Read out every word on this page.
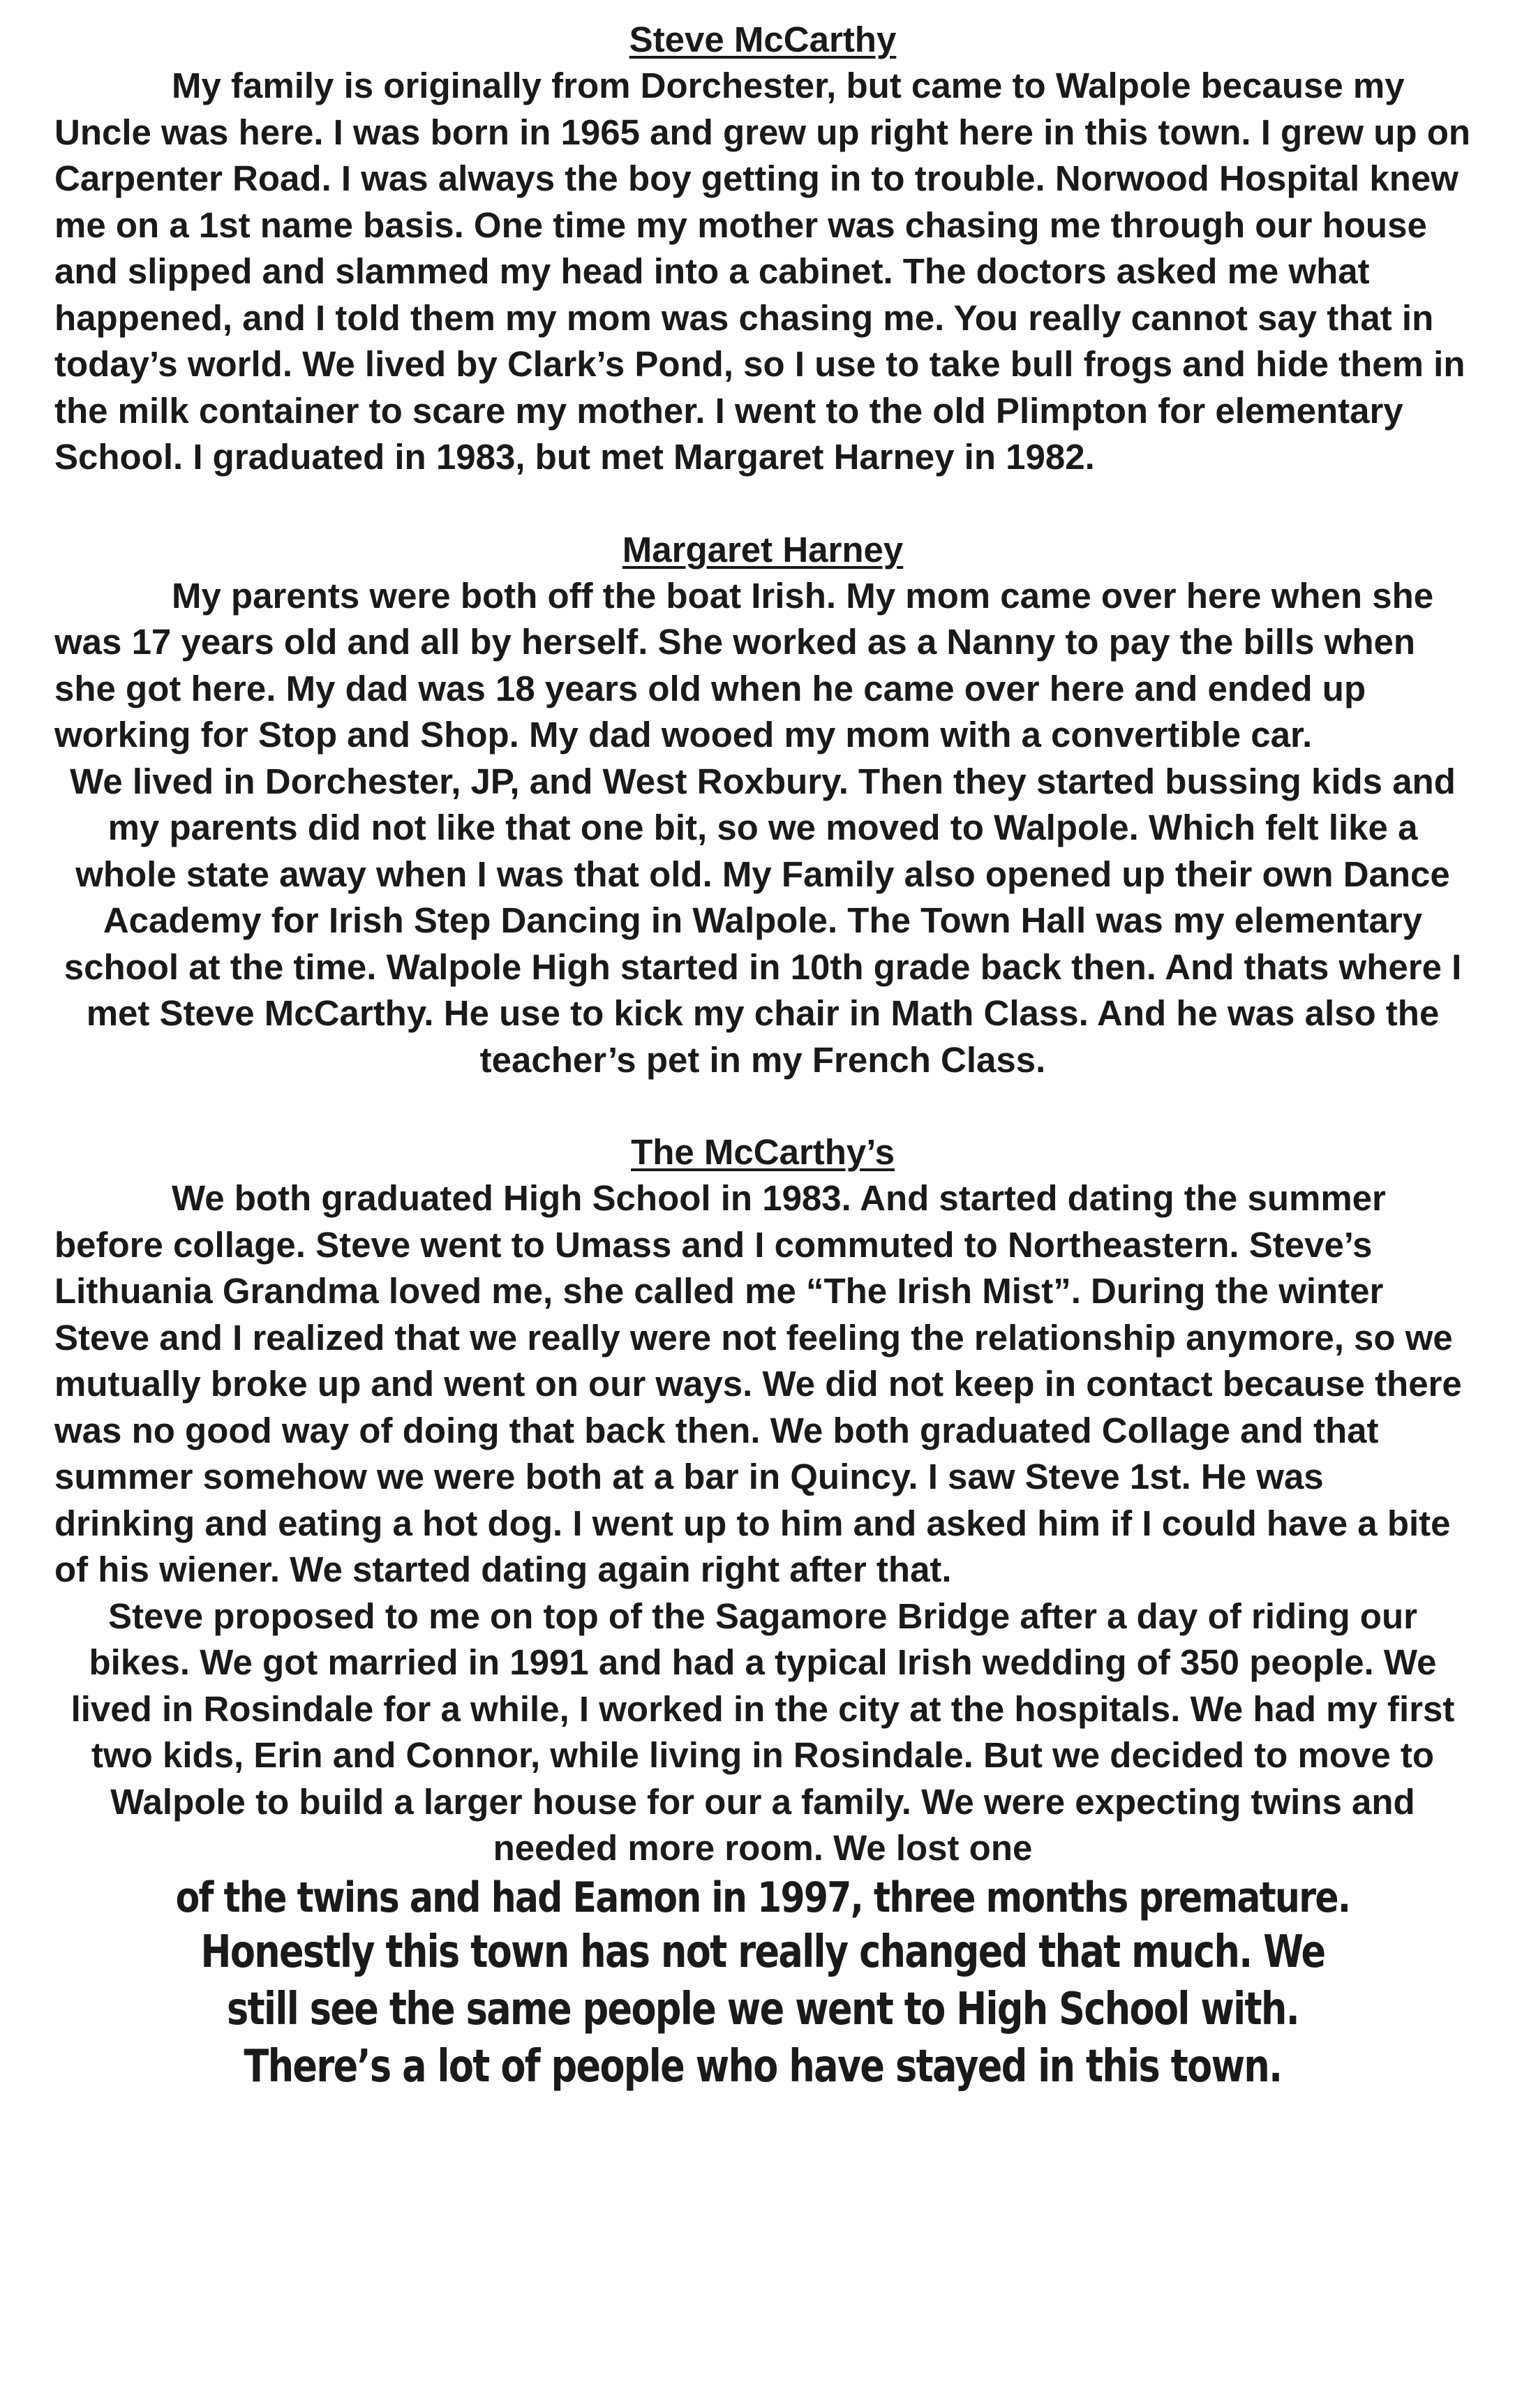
Steve McCarthy

My family is originally from Dorchester, but came to Walpole because my Uncle was here. I was born in 1965 and grew up right here in this town. I grew up on Carpenter Road. I was always the boy getting in to trouble. Norwood Hospital knew me on a 1st name basis. One time my mother was chasing me through our house and slipped and slammed my head into a cabinet. The doctors asked me what happened, and I told them my mom was chasing me. You really cannot say that in today’s world. We lived by Clark’s Pond, so I use to take bull frogs and hide them in the milk container to scare my mother. I went to the old Plimpton for elementary School. I graduated in 1983, but met Margaret Harney in 1982.

Margaret Harney

My parents were both off the boat Irish. My mom came over here when she was 17 years old and all by herself. She worked as a Nanny to pay the bills when she got here. My dad was 18 years old when he came over here and ended up working for Stop and Shop. My dad wooed my mom with a convertible car.

We lived in Dorchester, JP, and West Roxbury. Then they started bussing kids and my parents did not like that one bit, so we moved to Walpole. Which felt like a whole state away when I was that old. My Family also opened up their own Dance Academy for Irish Step Dancing in Walpole. The Town Hall was my elementary school at the time. Walpole High started in 10th grade back then. And thats where I met Steve McCarthy. He use to kick my chair in Math Class. And he was also the teacher’s pet in my French Class.

The McCarthy’s

We both graduated High School in 1983. And started dating the summer before collage. Steve went to Umass and I commuted to Northeastern. Steve’s Lithuania Grandma loved me, she called me “The Irish Mist”. During the winter Steve and I realized that we really were not feeling the relationship anymore, so we mutually broke up and went on our ways. We did not keep in contact because there was no good way of doing that back then. We both graduated Collage and that summer somehow we were both at a bar in Quincy. I saw Steve 1st. He was drinking and eating a hot dog. I went up to him and asked him if I could have a bite of his wiener. We started dating again right after that.

Steve proposed to me on top of the Sagamore Bridge after a day of riding our bikes. We got married in 1991 and had a typical Irish wedding of 350 people. We lived in Rosindale for a while, I worked in the city at the hospitals. We had my first two kids, Erin and Connor, while living in Rosindale. But we decided to move to Walpole to build a larger house for our a family. We were expecting twins and needed more room. We lost one

of the twins and had Eamon in 1997, three months premature.
Honestly this town has not really changed that much. We still see the same people we went to High School with. There’s a lot of people who have stayed in this town.
